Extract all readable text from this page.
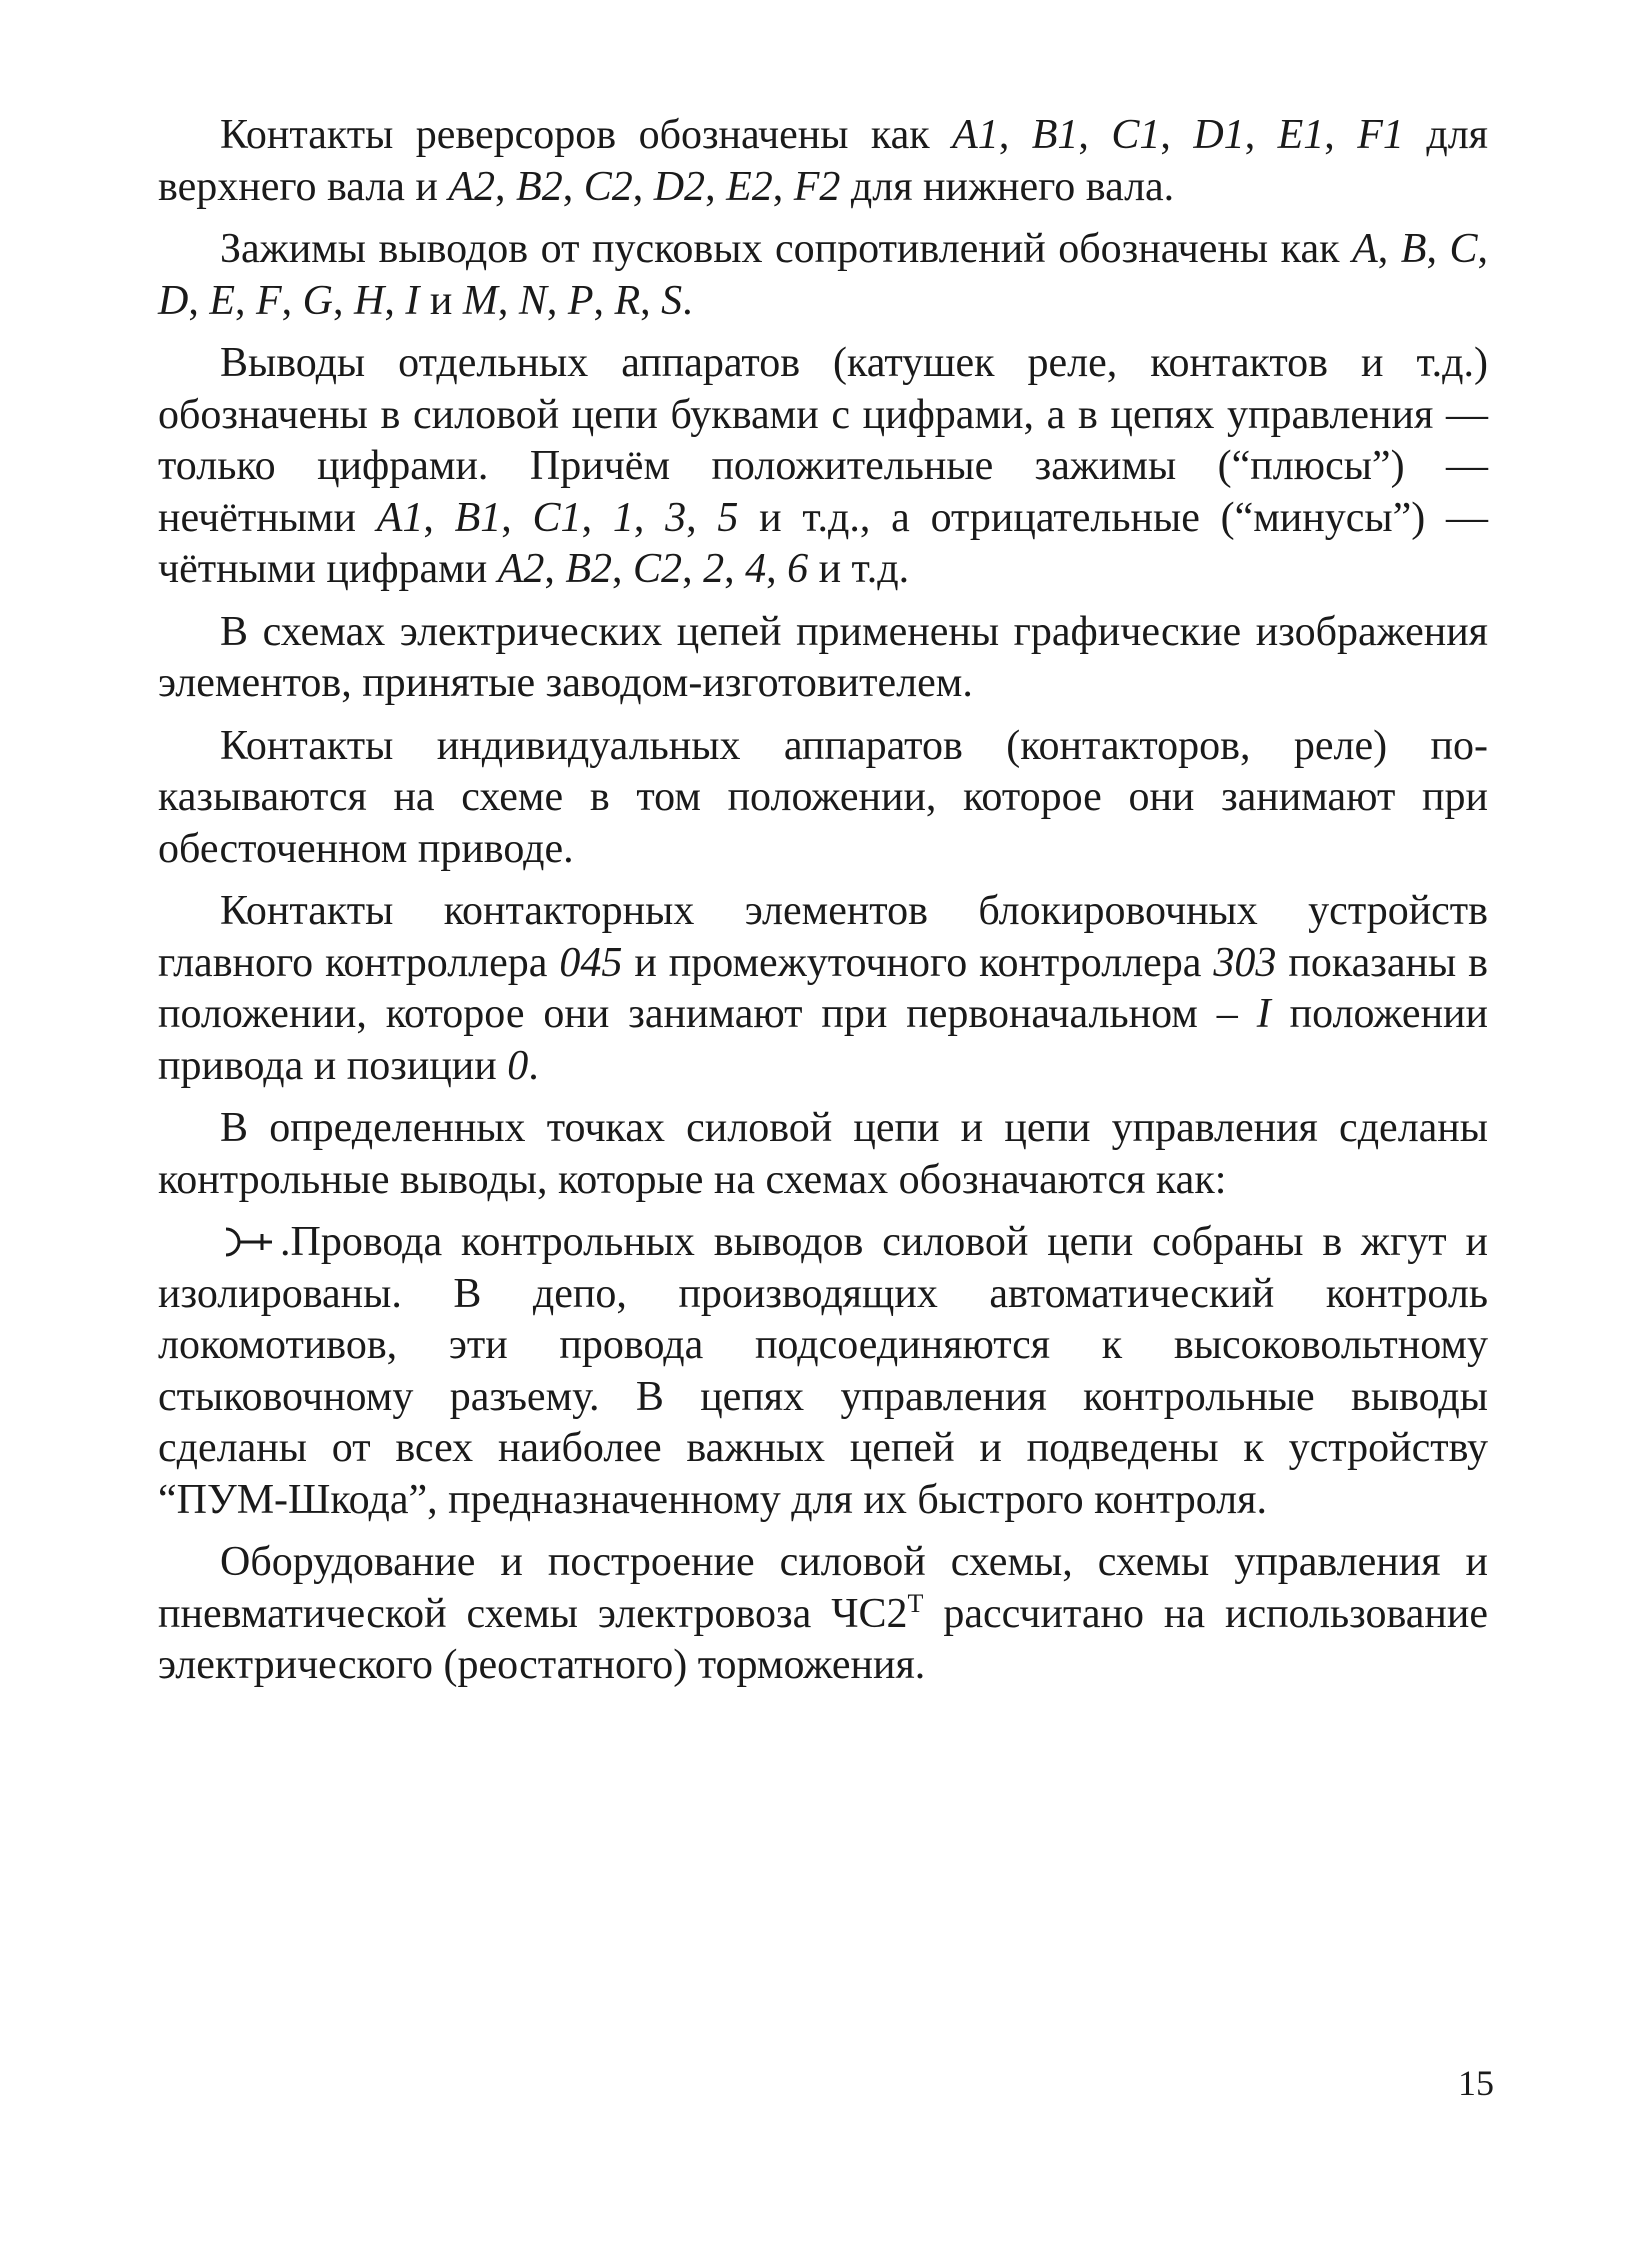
Контакты реверсоров обозначены как A1, B1, C1, D1, E1, F1 для верхнего вала и A2, B2, C2, D2, E2, F2 для нижнего вала.

Зажимы выводов от пусковых сопротивлений обозначены как A, B, C, D, E, F, G, H, I и M, N, P, R, S.

Выводы отдельных аппаратов (катушек реле, контактов и т.д.) обозначены в силовой цепи буквами с цифрами, а в цепях управления — только цифрами. Причём положительные зажимы (“плюсы”) — нечётными A1, B1, C1, 1, 3, 5 и т.д., а отрицательные (“минусы”) — чётными цифрами A2, B2, C2, 2, 4, 6 и т.д.

В схемах электрических цепей применены графические изображения элементов, принятые заводом-изготовителем.

Контакты индивидуальных аппаратов (контакторов, реле) показываются на схеме в том положении, которое они занимают при обесточенном приводе.

Контакты контакторных элементов блокировочных устройств главного контроллера 045 и промежуточного контроллера 303 показаны в положении, которое они занимают при первоначальном – I положении привода и позиции 0.

В определенных точках силовой цепи и цепи управления сделаны контрольные выводы, которые на схемах обозначаются как:

.Провода контрольных выводов силовой цепи собраны в жгут и изолированы. В депо, производящих автоматический контроль локомотивов, эти провода подсоединяются к высоковольтному стыковочному разъему. В цепях управления контрольные выводы сделаны от всех наиболее важных цепей и подведены к устройству “ПУМ-Шкода”, предназначенному для их быстрого контроля.

Оборудование и построение силовой схемы, схемы управления и пневматической схемы электровоза $ЧС2^Т$ рассчитано на использование электрического (реостатного) торможения.

15
